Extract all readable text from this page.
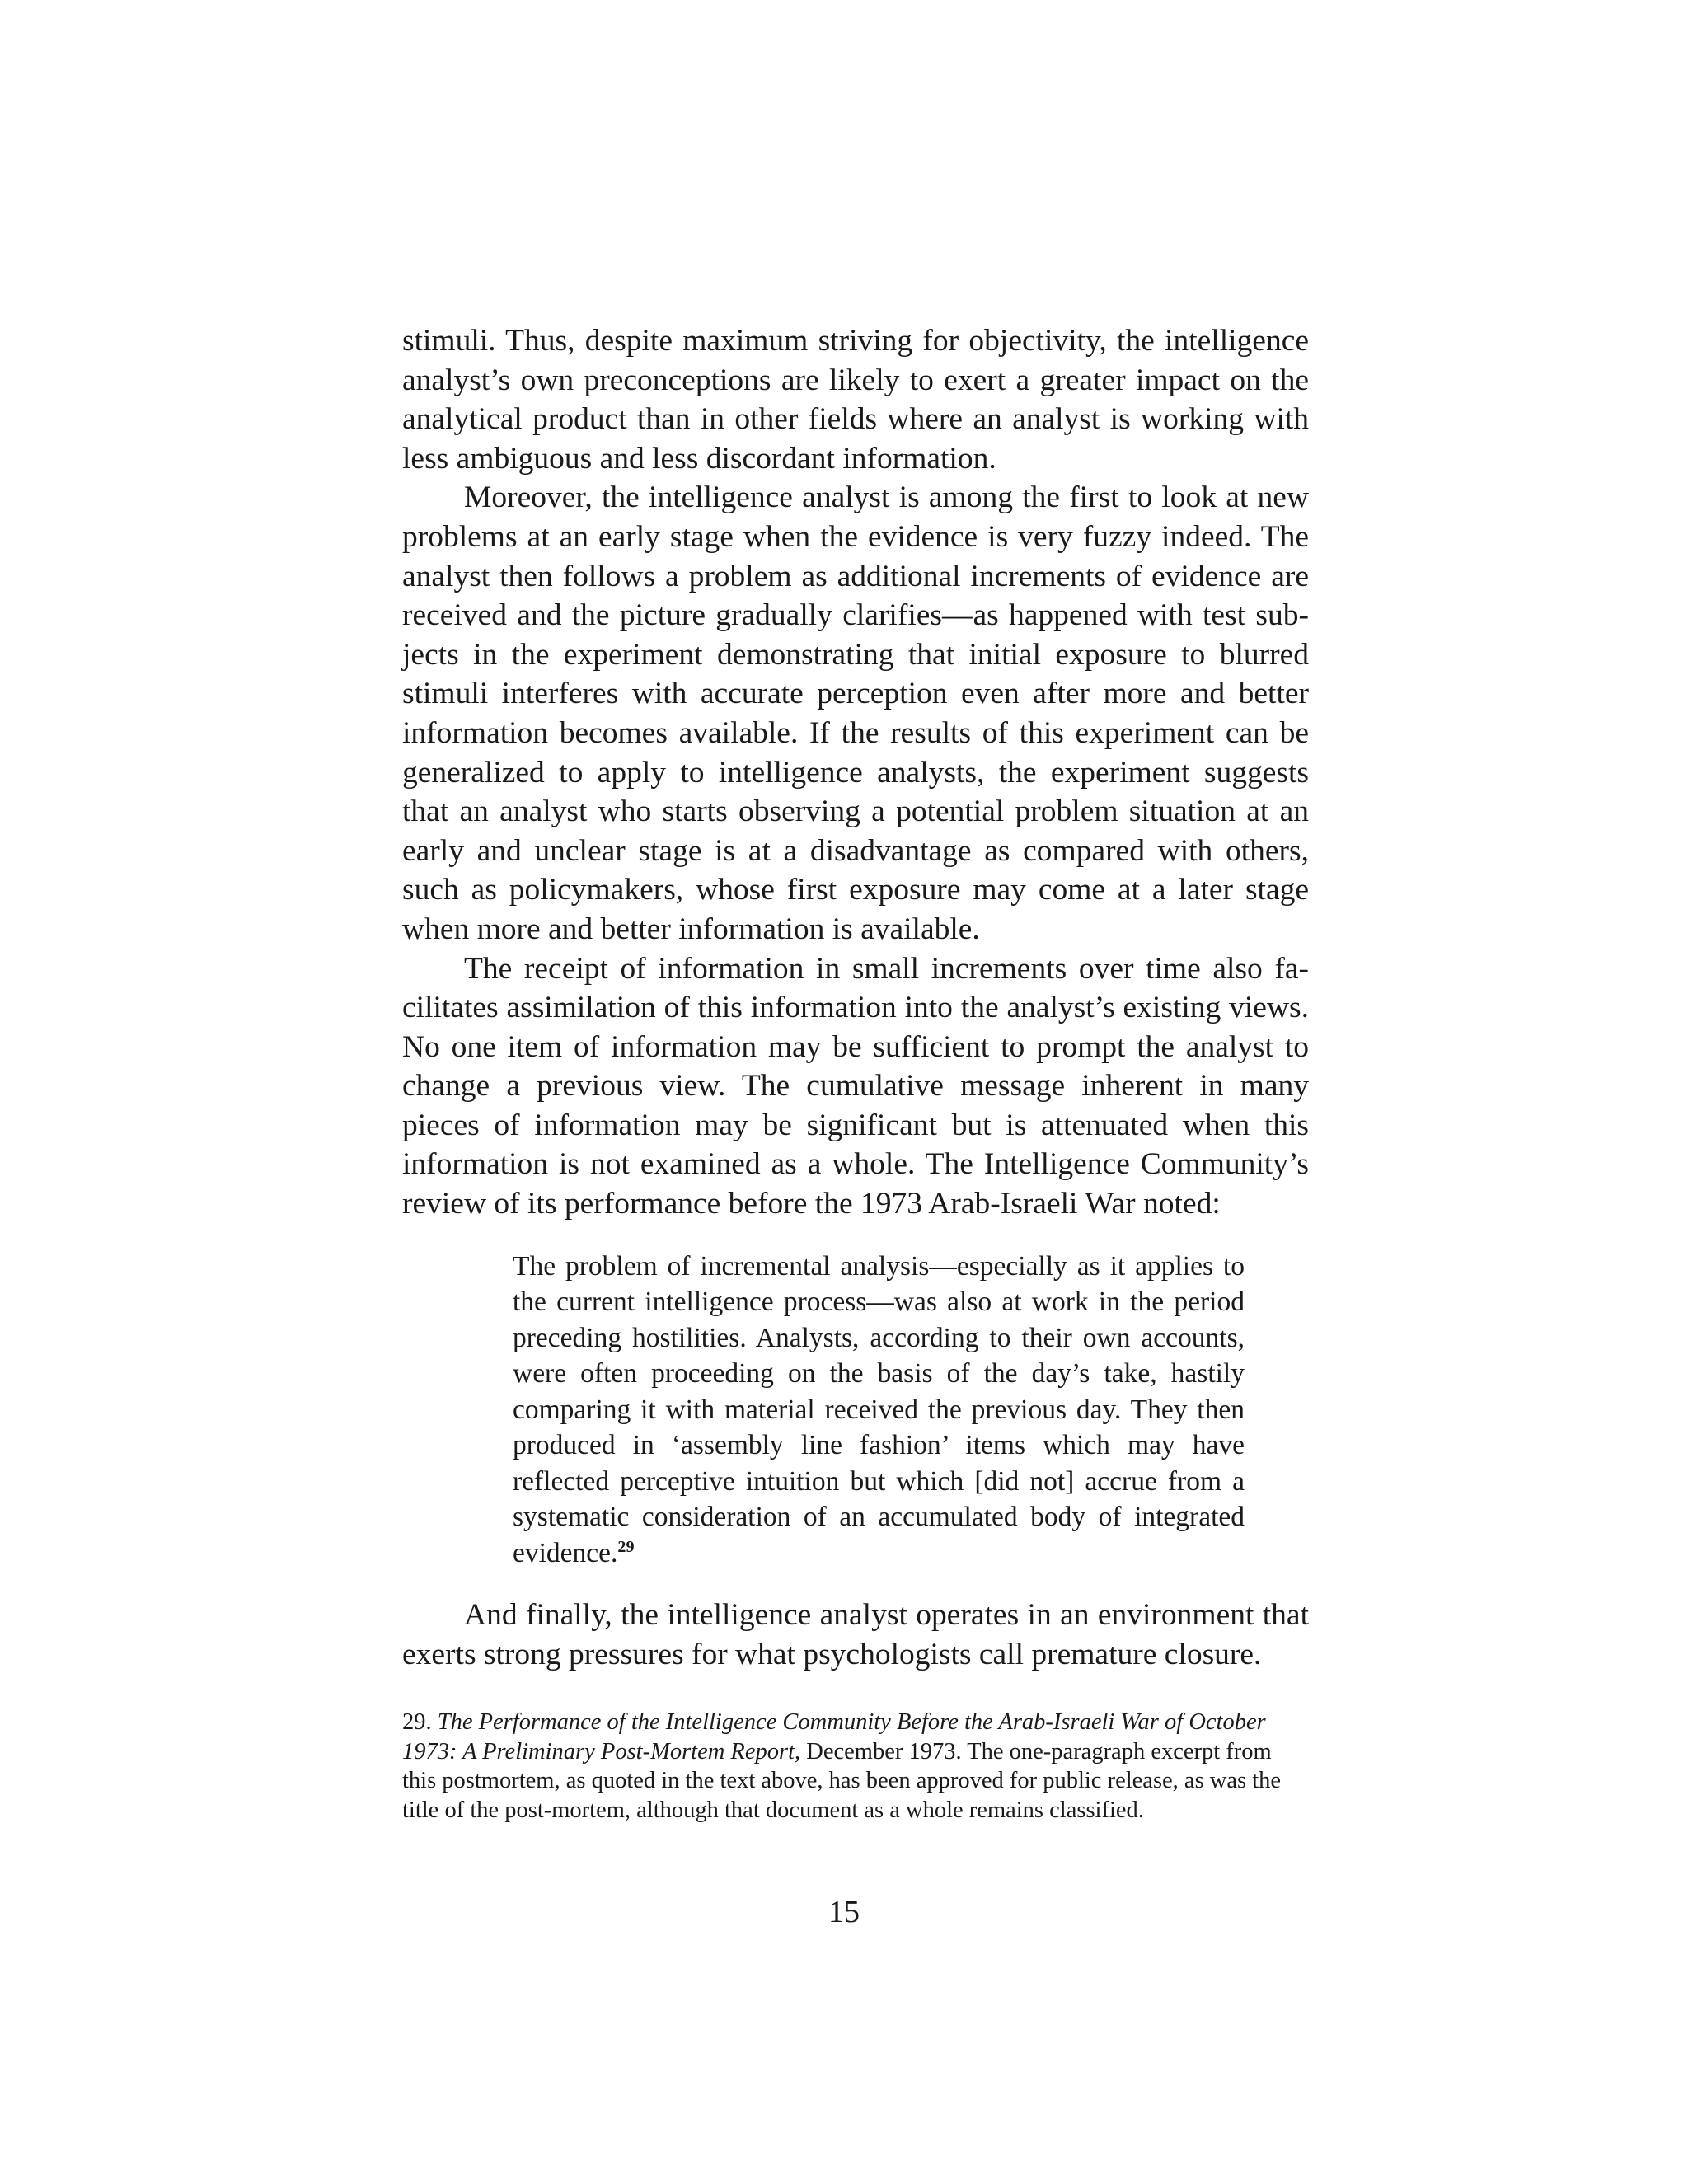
stimuli. Thus, despite maximum striving for objectivity, the intelligence analyst’s own preconceptions are likely to exert a greater impact on the analytical product than in other fields where an analyst is working with less ambiguous and less discordant information.

Moreover, the intelligence analyst is among the first to look at new problems at an early stage when the evidence is very fuzzy indeed. The analyst then follows a problem as additional increments of evidence are received and the picture gradually clarifies—as happened with test subjects in the experiment demonstrating that initial exposure to blurred stimuli interferes with accurate perception even after more and better information becomes available. If the results of this experiment can be generalized to apply to intelligence analysts, the experiment suggests that an analyst who starts observing a potential problem situation at an early and unclear stage is at a disadvantage as compared with others, such as policymakers, whose first exposure may come at a later stage when more and better information is available.

The receipt of information in small increments over time also facilitates assimilation of this information into the analyst’s existing views. No one item of information may be sufficient to prompt the analyst to change a previous view. The cumulative message inherent in many pieces of information may be significant but is attenuated when this information is not examined as a whole. The Intelligence Community’s review of its performance before the 1973 Arab-Israeli War noted:

The problem of incremental analysis—especially as it applies to the current intelligence process—was also at work in the period preceding hostilities. Analysts, according to their own accounts, were often proceeding on the basis of the day’s take, hastily comparing it with material received the previous day. They then produced in ‘assembly line fashion’ items which may have reflected perceptive intuition but which [did not] accrue from a systematic consideration of an accumulated body of integrated evidence.$^{29}$

And finally, the intelligence analyst operates in an environment that exerts strong pressures for what psychologists call premature closure.

29. The Performance of the Intelligence Community Before the Arab-Israeli War of October 1973: A Preliminary Post-Mortem Report, December 1973. The one-paragraph excerpt from this postmortem, as quoted in the text above, has been approved for public release, as was the title of the post-mortem, although that document as a whole remains classified.

15
